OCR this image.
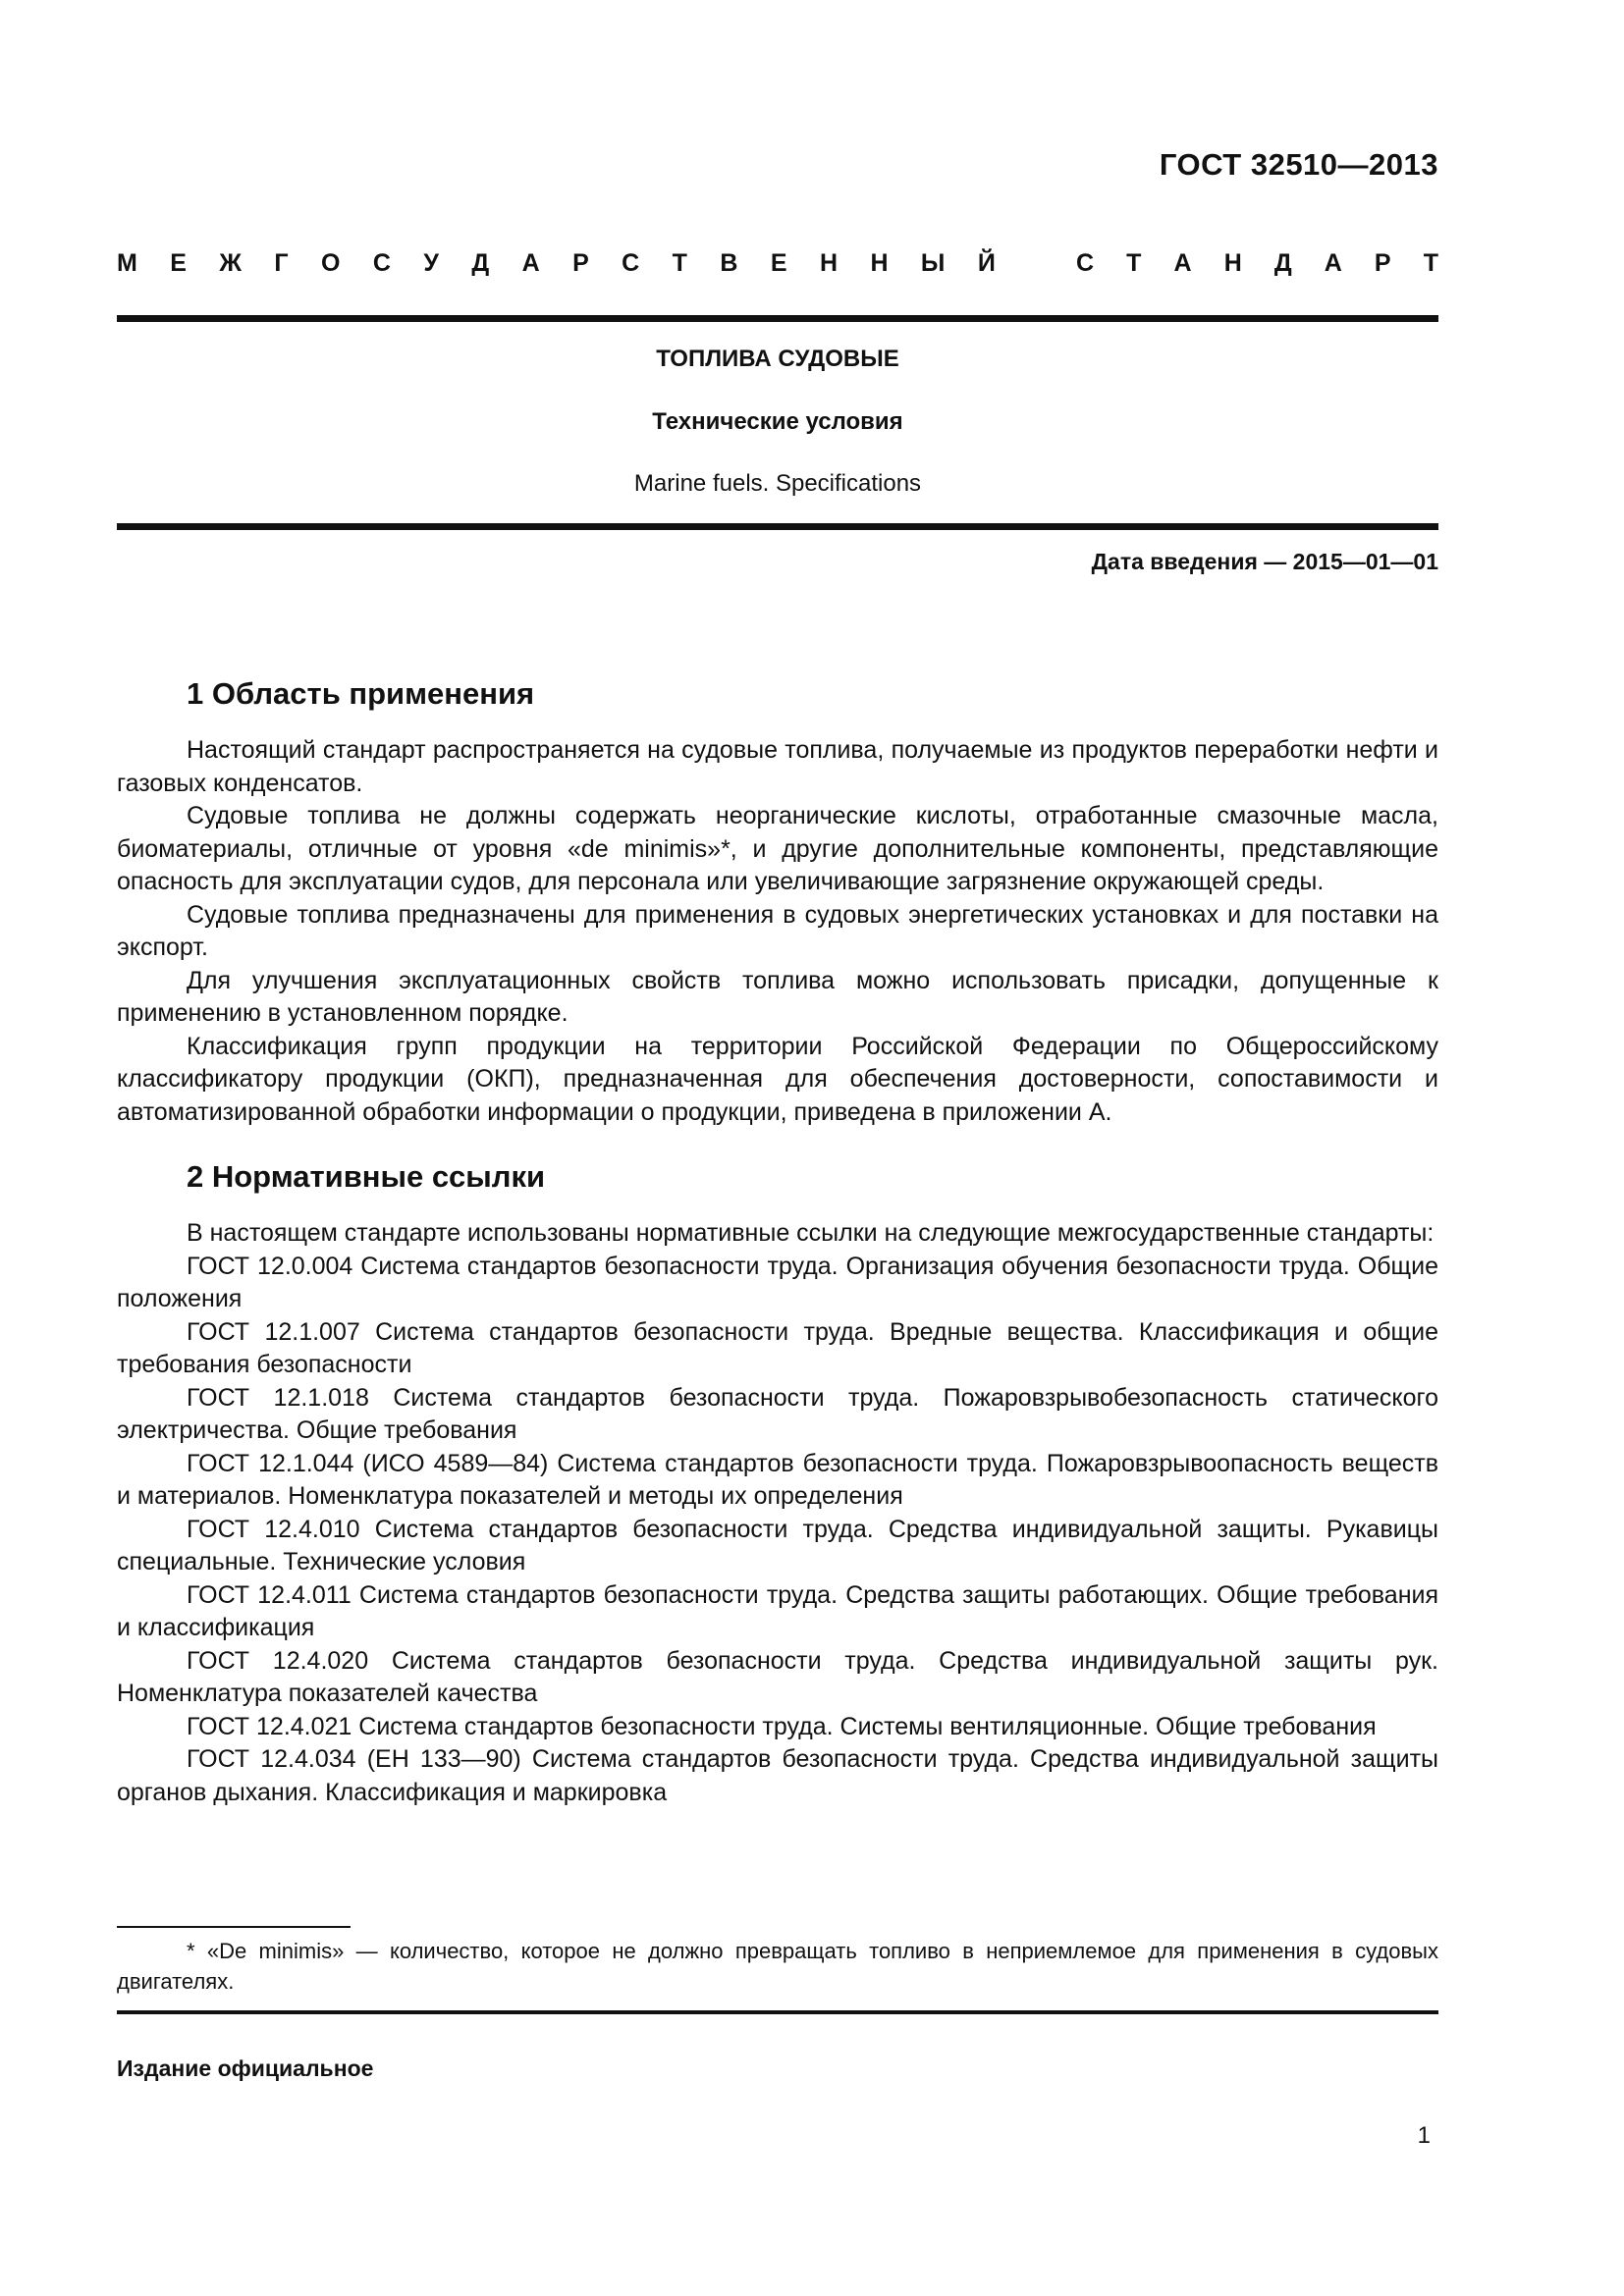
ГОСТ 32510—2013
М Е Ж Г О С У Д А Р С Т В Е Н Н Ы Й	С Т А Н Д А Р Т
ТОПЛИВА СУДОВЫЕ
Технические условия
Marine fuels. Specifications
Дата введения — 2015—01—01
1 Область применения

Настоящий стандарт распространяется на судовые топлива, получаемые из продуктов переработки нефти и газовых конденсатов.

Судовые топлива не должны содержать неорганические кислоты, отработанные смазочные масла, биоматериалы, отличные от уровня «de minimis»*, и другие дополнительные компоненты, представляющие опасность для эксплуатации судов, для персонала или увеличивающие загрязнение окружающей среды.

Судовые топлива предназначены для применения в судовых энергетических установках и для поставки на экспорт.

Для улучшения эксплуатационных свойств топлива можно использовать присадки, допущенные к применению в установленном порядке.

Классификация групп продукции на территории Российской Федерации по Общероссийскому классификатору продукции (ОКП), предназначенная для обеспечения достоверности, сопоставимости и автоматизированной обработки информации о продукции, приведена в приложении А.

2 Нормативные ссылки

В настоящем стандарте использованы нормативные ссылки на следующие межгосударственные стандарты:

ГОСТ 12.0.004 Система стандартов безопасности труда. Организация обучения безопасности труда. Общие положения

ГОСТ 12.1.007 Система стандартов безопасности труда. Вредные вещества. Классификация и общие требования безопасности

ГОСТ 12.1.018 Система стандартов безопасности труда. Пожаровзрывобезопасность статического электричества. Общие требования

ГОСТ 12.1.044 (ИСО 4589—84) Система стандартов безопасности труда. Пожаровзрывоопасность веществ и материалов. Номенклатура показателей и методы их определения

ГОСТ 12.4.010 Система стандартов безопасности труда. Средства индивидуальной защиты. Рукавицы специальные. Технические условия

ГОСТ 12.4.011 Система стандартов безопасности труда. Средства защиты работающих. Общие требования и классификация

ГОСТ 12.4.020 Система стандартов безопасности труда. Средства индивидуальной защиты рук. Номенклатура показателей качества

ГОСТ 12.4.021 Система стандартов безопасности труда. Системы вентиляционные. Общие требования

ГОСТ 12.4.034 (ЕН 133—90) Система стандартов безопасности труда. Средства индивидуальной защиты органов дыхания. Классификация и маркировка

* «De minimis» — количество, которое не должно превращать топливо в неприемлемое для применения в судовых двигателях.

Издание официальное
1
